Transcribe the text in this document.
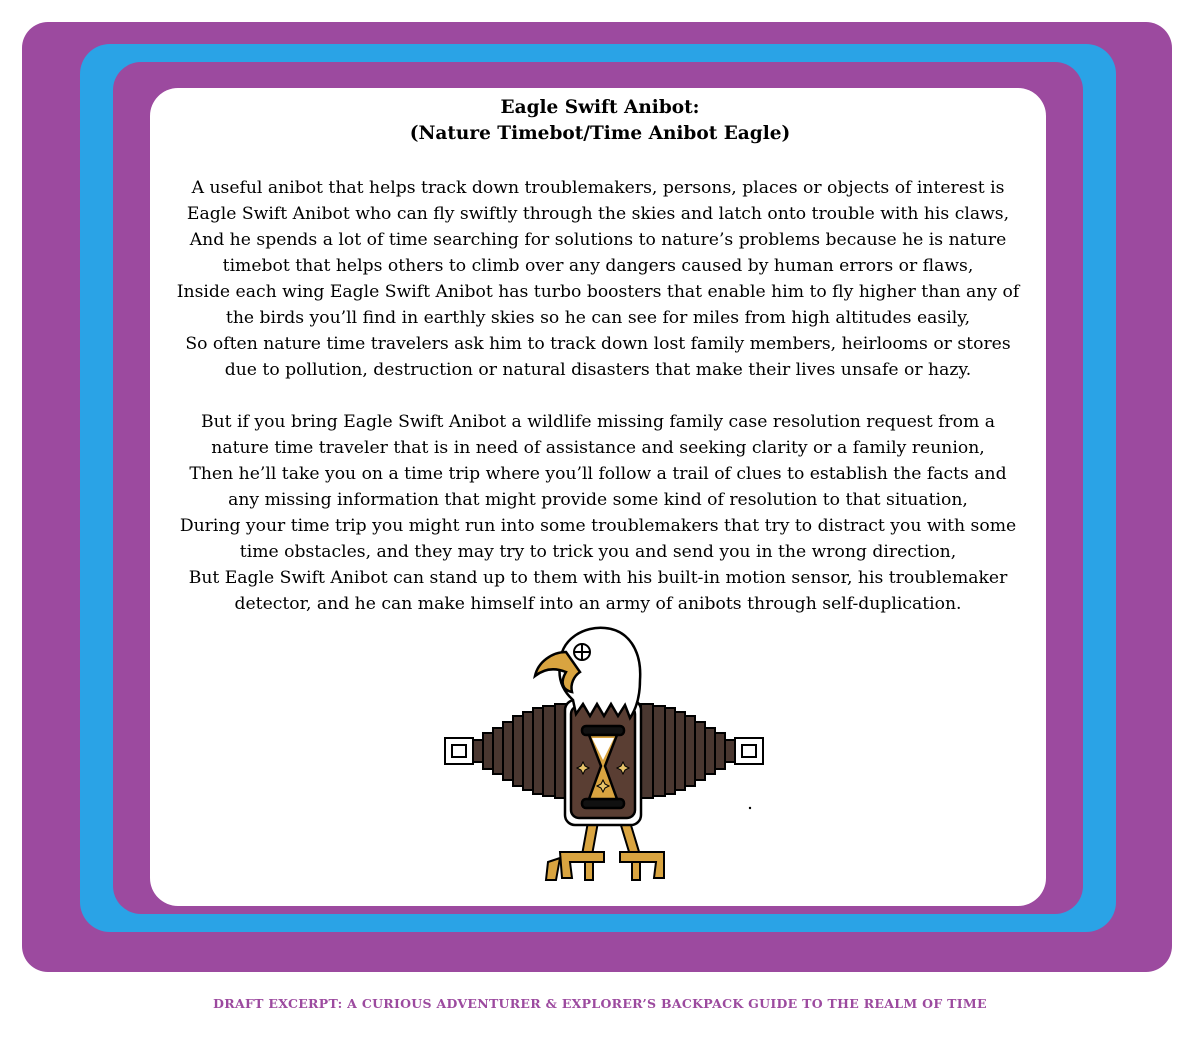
Eagle Swift Anibot:
(Nature Timebot/Time Anibot Eagle)
A useful anibot that helps track down troublemakers, persons, places or objects of interest is
Eagle Swift Anibot who can fly swiftly through the skies and latch onto trouble with his claws,
And he spends a lot of time searching for solutions to nature’s problems because he is nature
timebot that helps others to climb over any dangers caused by human errors or flaws,
Inside each wing Eagle Swift Anibot has turbo boosters that enable him to fly higher than any of
the birds you’ll find in earthly skies so he can see for miles from high altitudes easily,
So often nature time travelers ask him to track down lost family members, heirlooms or stores
due to pollution, destruction or natural disasters that make their lives unsafe or hazy.
But if you bring Eagle Swift Anibot a wildlife missing family case resolution request from a
nature time traveler that is in need of assistance and seeking clarity or a family reunion,
Then he’ll take you on a time trip where you’ll follow a trail of clues to establish the facts and
any missing information that might provide some kind of resolution to that situation,
During your time trip you might run into some troublemakers that try to distract you with some
time obstacles, and they may try to trick you and send you in the wrong direction,
But Eagle Swift Anibot can stand up to them with his built-in motion sensor, his troublemaker
detector, and he can make himself into an army of anibots through self-duplication.
DRAFT EXCERPT: A CURIOUS ADVENTURER & EXPLORER’S BACKPACK GUIDE TO THE REALM OF TIME
